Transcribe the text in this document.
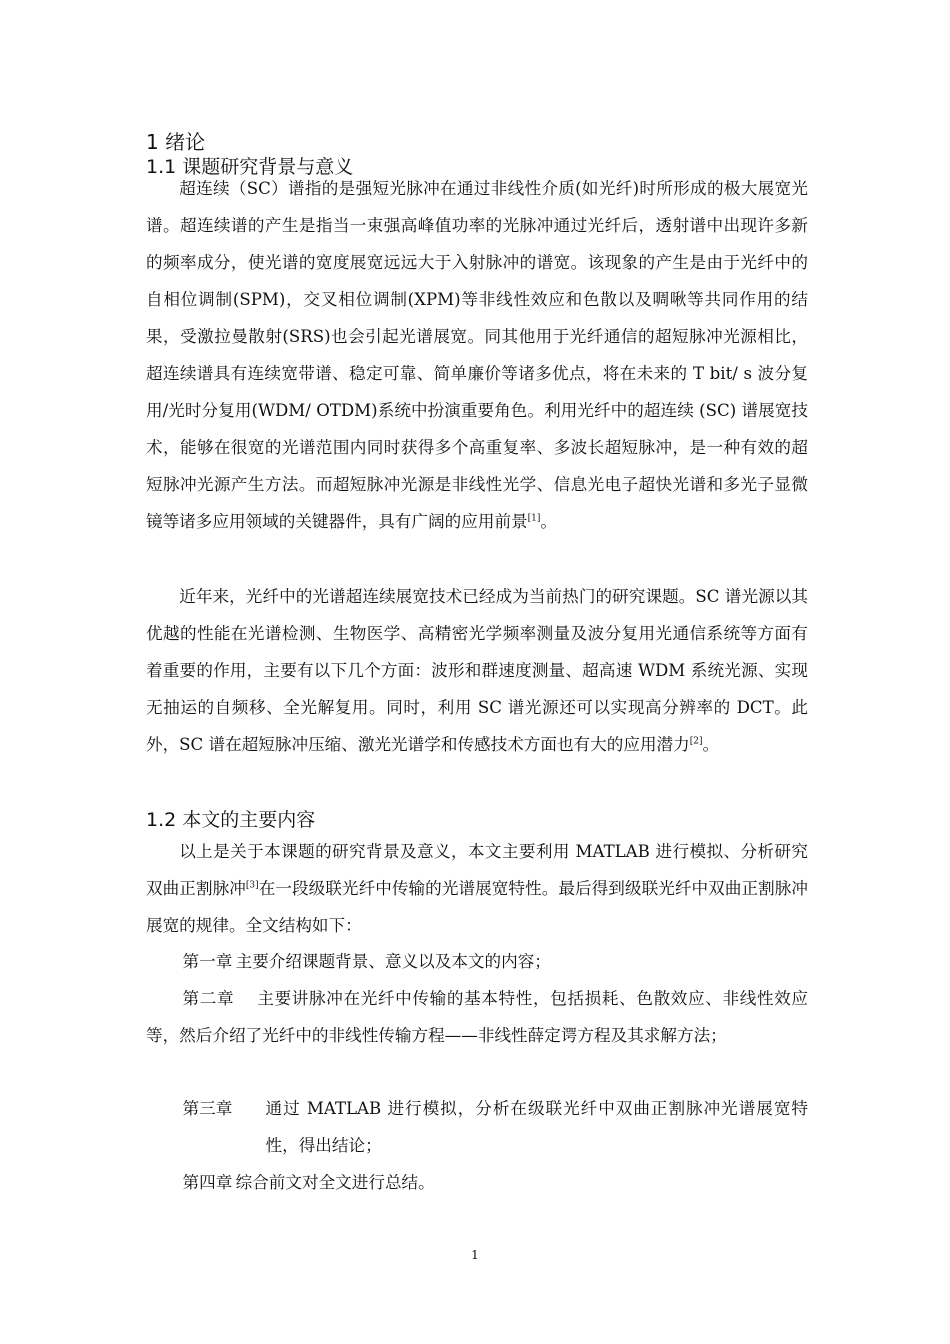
1 绪论
1.1 课题研究背景与意义

超连续（SC）谱指的是强短光脉冲在通过非线性介质(如光纤)时所形成的极大展宽光谱。超连续谱的产生是指当一束强高峰值功率的光脉冲通过光纤后，透射谱中出现许多新的频率成分，使光谱的宽度展宽远远大于入射脉冲的谱宽。该现象的产生是由于光纤中的自相位调制(SPM)，交叉相位调制(XPM)等非线性效应和色散以及啁啾等共同作用的结果，受激拉曼散射(SRS)也会引起光谱展宽。同其他用于光纤通信的超短脉冲光源相比，超连续谱具有连续宽带谱、稳定可靠、简单廉价等诸多优点，将在未来的 T bit/ s 波分复用/光时分复用(WDM/ OTDM)系统中扮演重要角色。利用光纤中的超连续 (SC) 谱展宽技术，能够在很宽的光谱范围内同时获得多个高重复率、多波长超短脉冲，是一种有效的超短脉冲光源产生方法。而超短脉冲光源是非线性光学、信息光电子超快光谱和多光子显微镜等诸多应用领域的关键器件，具有广阔的应用前景[1]。

近年来，光纤中的光谱超连续展宽技术已经成为当前热门的研究课题。SC 谱光源以其优越的性能在光谱检测、生物医学、高精密光学频率测量及波分复用光通信系统等方面有着重要的作用，主要有以下几个方面：波形和群速度测量、超高速 WDM 系统光源、实现无抽运的自频移、全光解复用。同时，利用 SC 谱光源还可以实现高分辨率的 DCT。此外，SC 谱在超短脉冲压缩、激光光谱学和传感技术方面也有大的应用潜力[2]。

1.2 本文的主要内容

以上是关于本课题的研究背景及意义，本文主要利用 MATLAB 进行模拟、分析研究双曲正割脉冲[3]在一段级联光纤中传输的光谱展宽特性。最后得到级联光纤中双曲正割脉冲展宽的规律。全文结构如下：

第一章 主要介绍课题背景、意义以及本文的内容；

第二章　 主要讲脉冲在光纤中传输的基本特性，包括损耗、色散效应、非线性效应等，然后介绍了光纤中的非线性传输方程——非线性薛定谔方程及其求解方法；

第三章	通过 MATLAB 进行模拟，分析在级联光纤中双曲正割脉冲光谱展宽特性，得出结论；

第四章 综合前文对全文进行总结。

1
